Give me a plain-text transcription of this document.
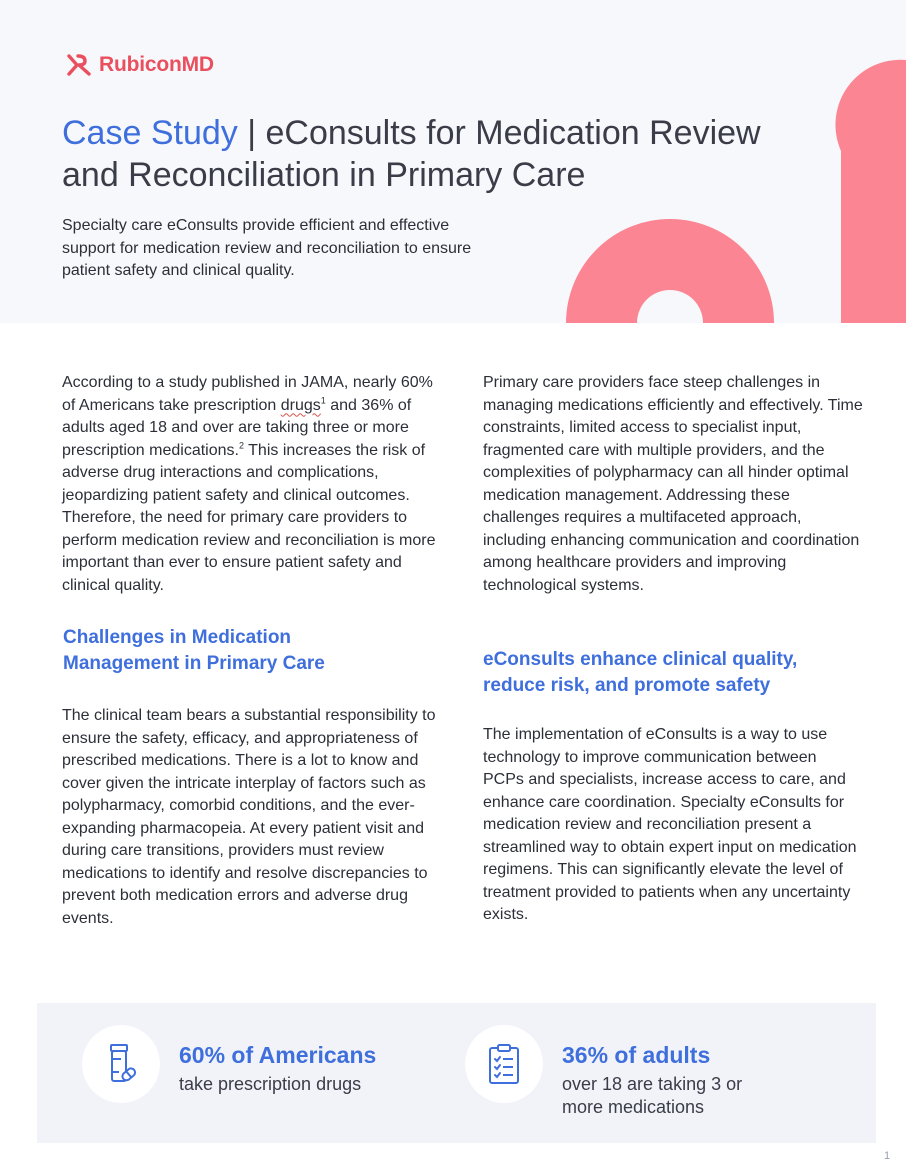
RubiconMD
Case Study | eConsults for Medication Review and Reconciliation in Primary Care

Specialty care eConsults provide efficient and effective support for medication review and reconciliation to ensure patient safety and clinical quality.

According to a study published in JAMA, nearly 60% of Americans take prescription drugs$^1$ and 36% of adults aged 18 and over are taking three or more prescription medications.$^2$ This increases the risk of adverse drug interactions and complications, jeopardizing patient safety and clinical outcomes. Therefore, the need for primary care providers to perform medication review and reconciliation is more important than ever to ensure patient safety and clinical quality.

Challenges in Medication Management in Primary Care

The clinical team bears a substantial responsibility to ensure the safety, efficacy, and appropriateness of prescribed medications. There is a lot to know and cover given the intricate interplay of factors such as polypharmacy, comorbid conditions, and the ever-expanding pharmacopeia. At every patient visit and during care transitions, providers must review medications to identify and resolve discrepancies to prevent both medication errors and adverse drug events.

Primary care providers face steep challenges in managing medications efficiently and effectively. Time constraints, limited access to specialist input, fragmented care with multiple providers, and the complexities of polypharmacy can all hinder optimal medication management. Addressing these challenges requires a multifaceted approach, including enhancing communication and coordination among healthcare providers and improving technological systems.

eConsults enhance clinical quality, reduce risk, and promote safety

The implementation of eConsults is a way to use technology to improve communication between PCPs and specialists, increase access to care, and enhance care coordination. Specialty eConsults for medication review and reconciliation present a streamlined way to obtain expert input on medication regimens. This can significantly elevate the level of treatment provided to patients when any uncertainty exists.

60% of Americans
take prescription drugs
36% of adults
over 18 are taking 3 or more medications
1
